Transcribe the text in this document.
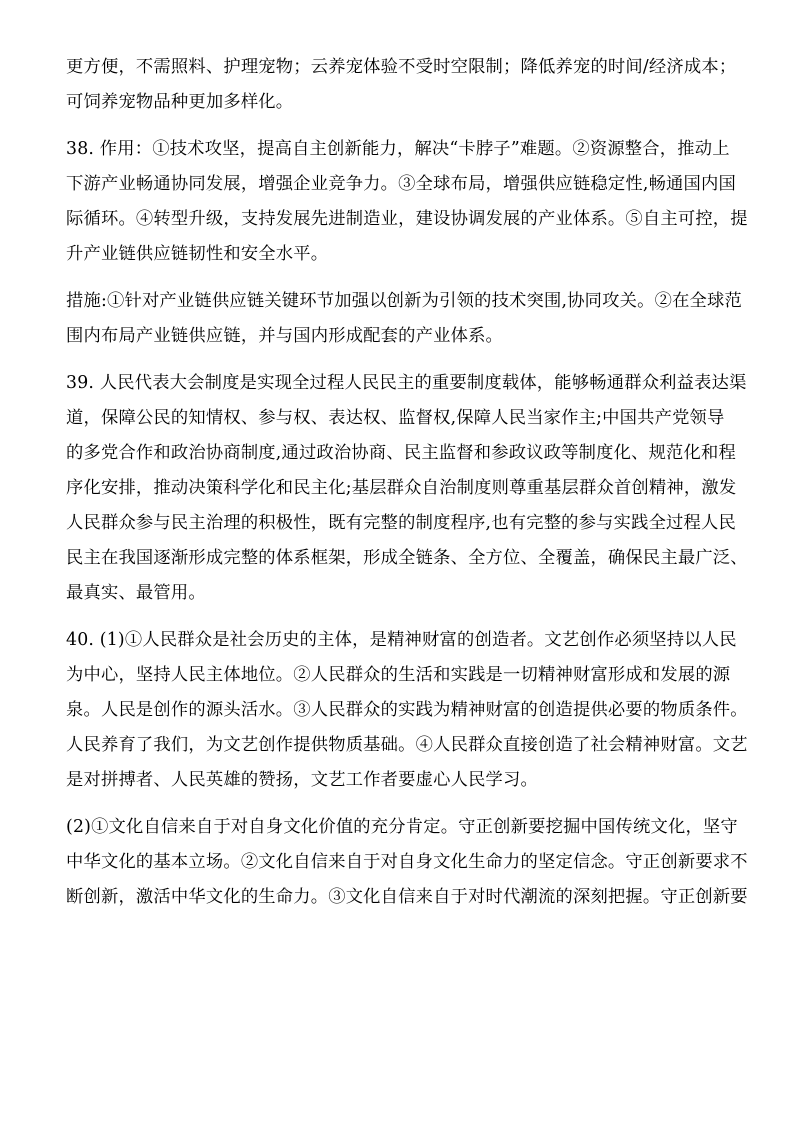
更方便，不需照料、护理宠物；云养宠体验不受时空限制；降低养宠的时间/经济成本；
可饲养宠物品种更加多样化。
38. 作用：①技术攻坚，提高自主创新能力，解决“卡脖子”难题。②资源整合，推动上
下游产业畅通协同发展，增强企业竞争力。③全球布局，增强供应链稳定性,畅通国内国
际循环。④转型升级，支持发展先进制造业，建设协调发展的产业体系。⑤自主可控，提
升产业链供应链韧性和安全水平。
措施:①针对产业链供应链关键环节加强以创新为引领的技术突围,协同攻关。②在全球范
围内布局产业链供应链，并与国内形成配套的产业体系。
39. 人民代表大会制度是实现全过程人民民主的重要制度载体，能够畅通群众利益表达渠
道，保障公民的知情权、参与权、表达权、监督权,保障人民当家作主;中国共产党领导
的多党合作和政治协商制度,通过政治协商、民主监督和参政议政等制度化、规范化和程
序化安排，推动决策科学化和民主化;基层群众自治制度则尊重基层群众首创精神，激发
人民群众参与民主治理的积极性，既有完整的制度程序,也有完整的参与实践全过程人民
民主在我国逐渐形成完整的体系框架，形成全链条、全方位、全覆盖，确保民主最广泛、
最真实、最管用。
40. (1)①人民群众是社会历史的主体，是精神财富的创造者。文艺创作必须坚持以人民
为中心，坚持人民主体地位。②人民群众的生活和实践是一切精神财富形成和发展的源
泉。人民是创作的源头活水。③人民群众的实践为精神财富的创造提供必要的物质条件。
人民养育了我们，为文艺创作提供物质基础。④人民群众直接创造了社会精神财富。文艺
是对拼搏者、人民英雄的赞扬，文艺工作者要虚心人民学习。
(2)①文化自信来自于对自身文化价值的充分肯定。守正创新要挖掘中国传统文化，坚守
中华文化的基本立场。②文化自信来自于对自身文化生命力的坚定信念。守正创新要求不
断创新，激活中华文化的生命力。③文化自信来自于对时代潮流的深刻把握。守正创新要
